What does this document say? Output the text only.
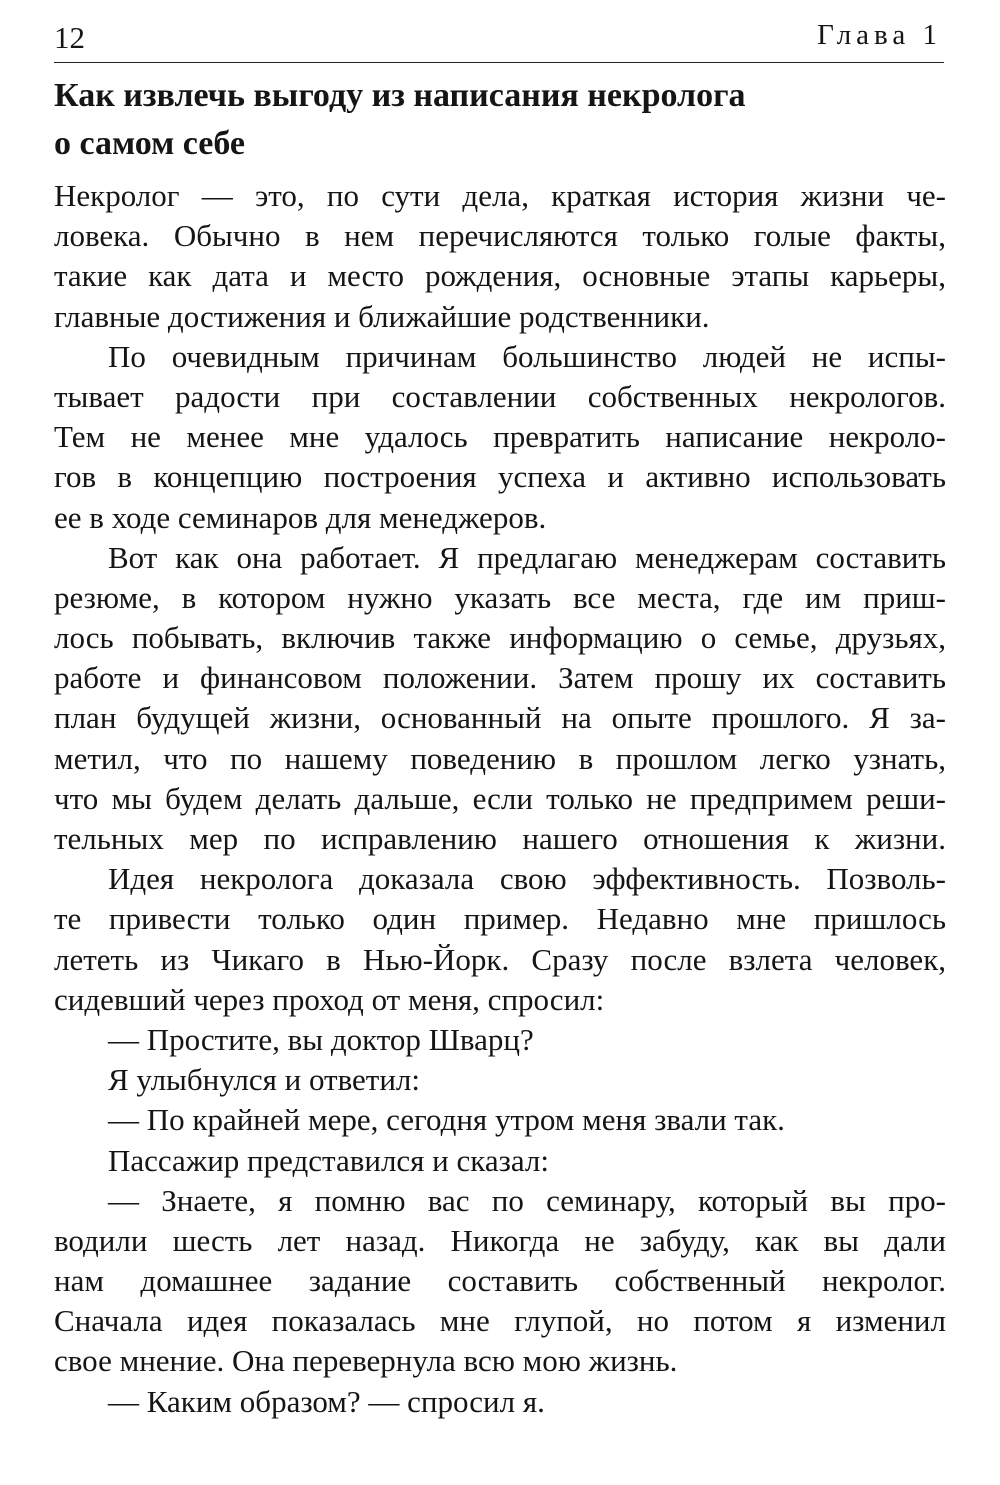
12	Глава 1
Как извлечь выгоду из написания некролога
о самом себе
Некролог — это, по сути дела, краткая история жизни че-
ловека. Обычно в нем перечисляются только голые факты,
такие как дата и место рождения, основные этапы карьеры,
главные достижения и ближайшие родственники.
По очевидным причинам большинство людей не испы-
тывает радости при составлении собственных некрологов.
Тем не менее мне удалось превратить написание некроло-
гов в концепцию построения успеха и активно использовать
ее в ходе семинаров для менеджеров.
Вот как она работает. Я предлагаю менеджерам составить
резюме, в котором нужно указать все места, где им приш-
лось побывать, включив также информацию о семье, друзьях,
работе и финансовом положении. Затем прошу их составить
план будущей жизни, основанный на опыте прошлого. Я за-
метил, что по нашему поведению в прошлом легко узнать,
что мы будем делать дальше, если только не предпримем реши-
тельных мер по исправлению нашего отношения к жизни.
Идея некролога доказала свою эффективность. Позволь-
те привести только один пример. Недавно мне пришлось
лететь из Чикаго в Нью-Йорк. Сразу после взлета человек,
сидевший через проход от меня, спросил:
— Простите, вы доктор Шварц?
Я улыбнулся и ответил:
— По крайней мере, сегодня утром меня звали так.
Пассажир представился и сказал:
— Знаете, я помню вас по семинару, который вы про-
водили шесть лет назад. Никогда не забуду, как вы дали
нам домашнее задание составить собственный некролог.
Сначала идея показалась мне глупой, но потом я изменил
свое мнение. Она перевернула всю мою жизнь.
— Каким образом? — спросил я.
